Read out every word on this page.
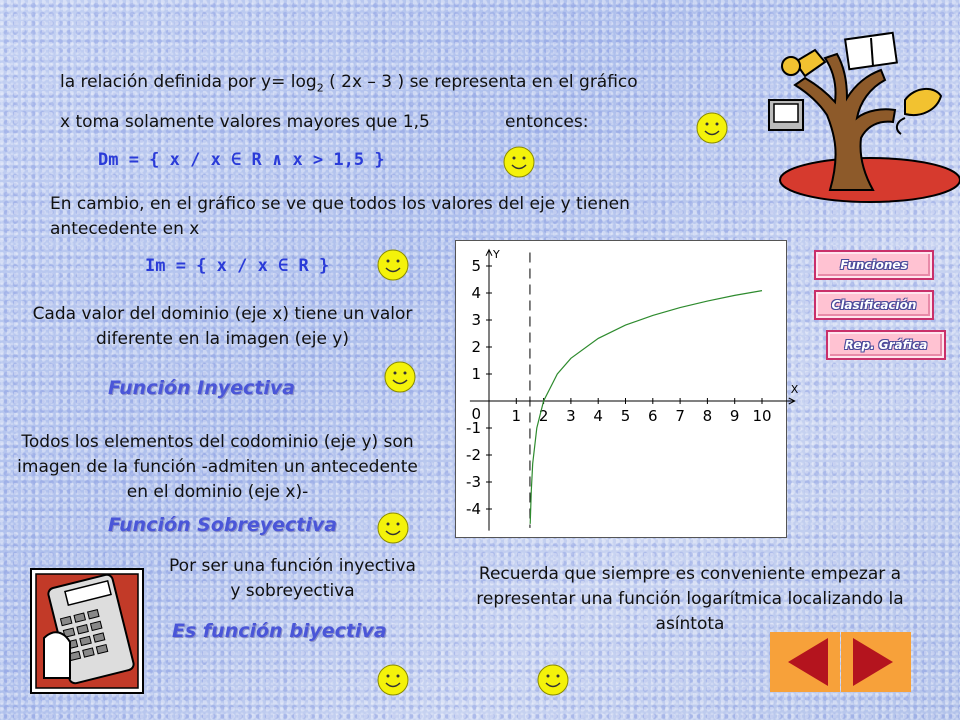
la relación definida por $y= \log_2$ ( 2x – 3 ) se representa en el gráfico
x toma solamente valores mayores que 1,5	entonces:
Dm = { x / x ∈ R ∧ x > 1,5 }
En cambio, en el gráfico se ve que todos los valores del eje y tienen antecedente en x
Im = { x / x ∈ R }
Cada valor del dominio (eje x) tiene un valor diferente en la imagen (eje y)
Función Inyectiva
Todos los elementos del codominio (eje y) son imagen de la función -admiten un antecedente en el dominio (eje x)-
Función Sobreyectiva
Por ser una función inyectiva y sobreyectiva
Es función biyectiva
Recuerda que siempre es conveniente empezar a representar una función logarítmica localizando la asíntota
Funciones
Clasificación
Rep. Gráfica
1 2 3 4 5 6 7 8 9 10
5
4
3
2
1
-1
-2
-3
-4
0
X
Y
